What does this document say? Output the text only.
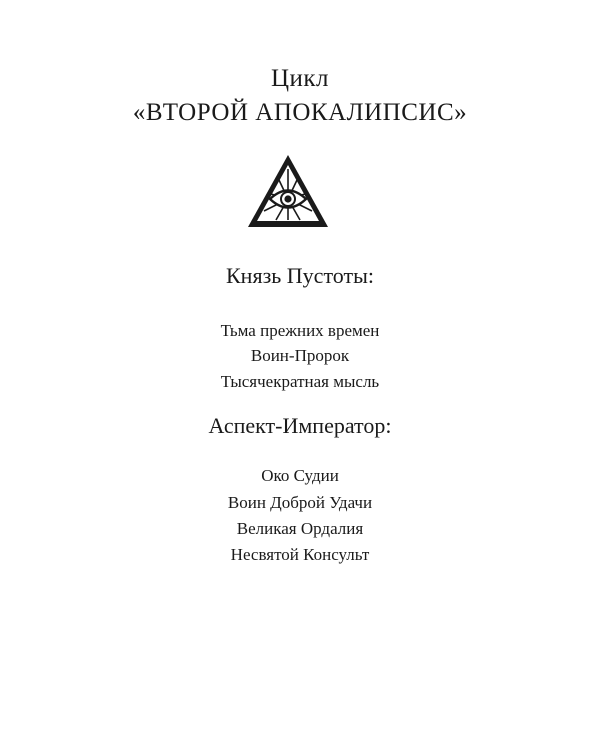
Цикл
«ВТОРОЙ АПОКАЛИПСИС»
Князь Пустоты:
Тьма прежних времен
Воин-Пророк
Тысячекратная мысль
Аспект-Император:
Око Судии
Воин Доброй Удачи
Великая Ордалия
Несвятой Консульт
